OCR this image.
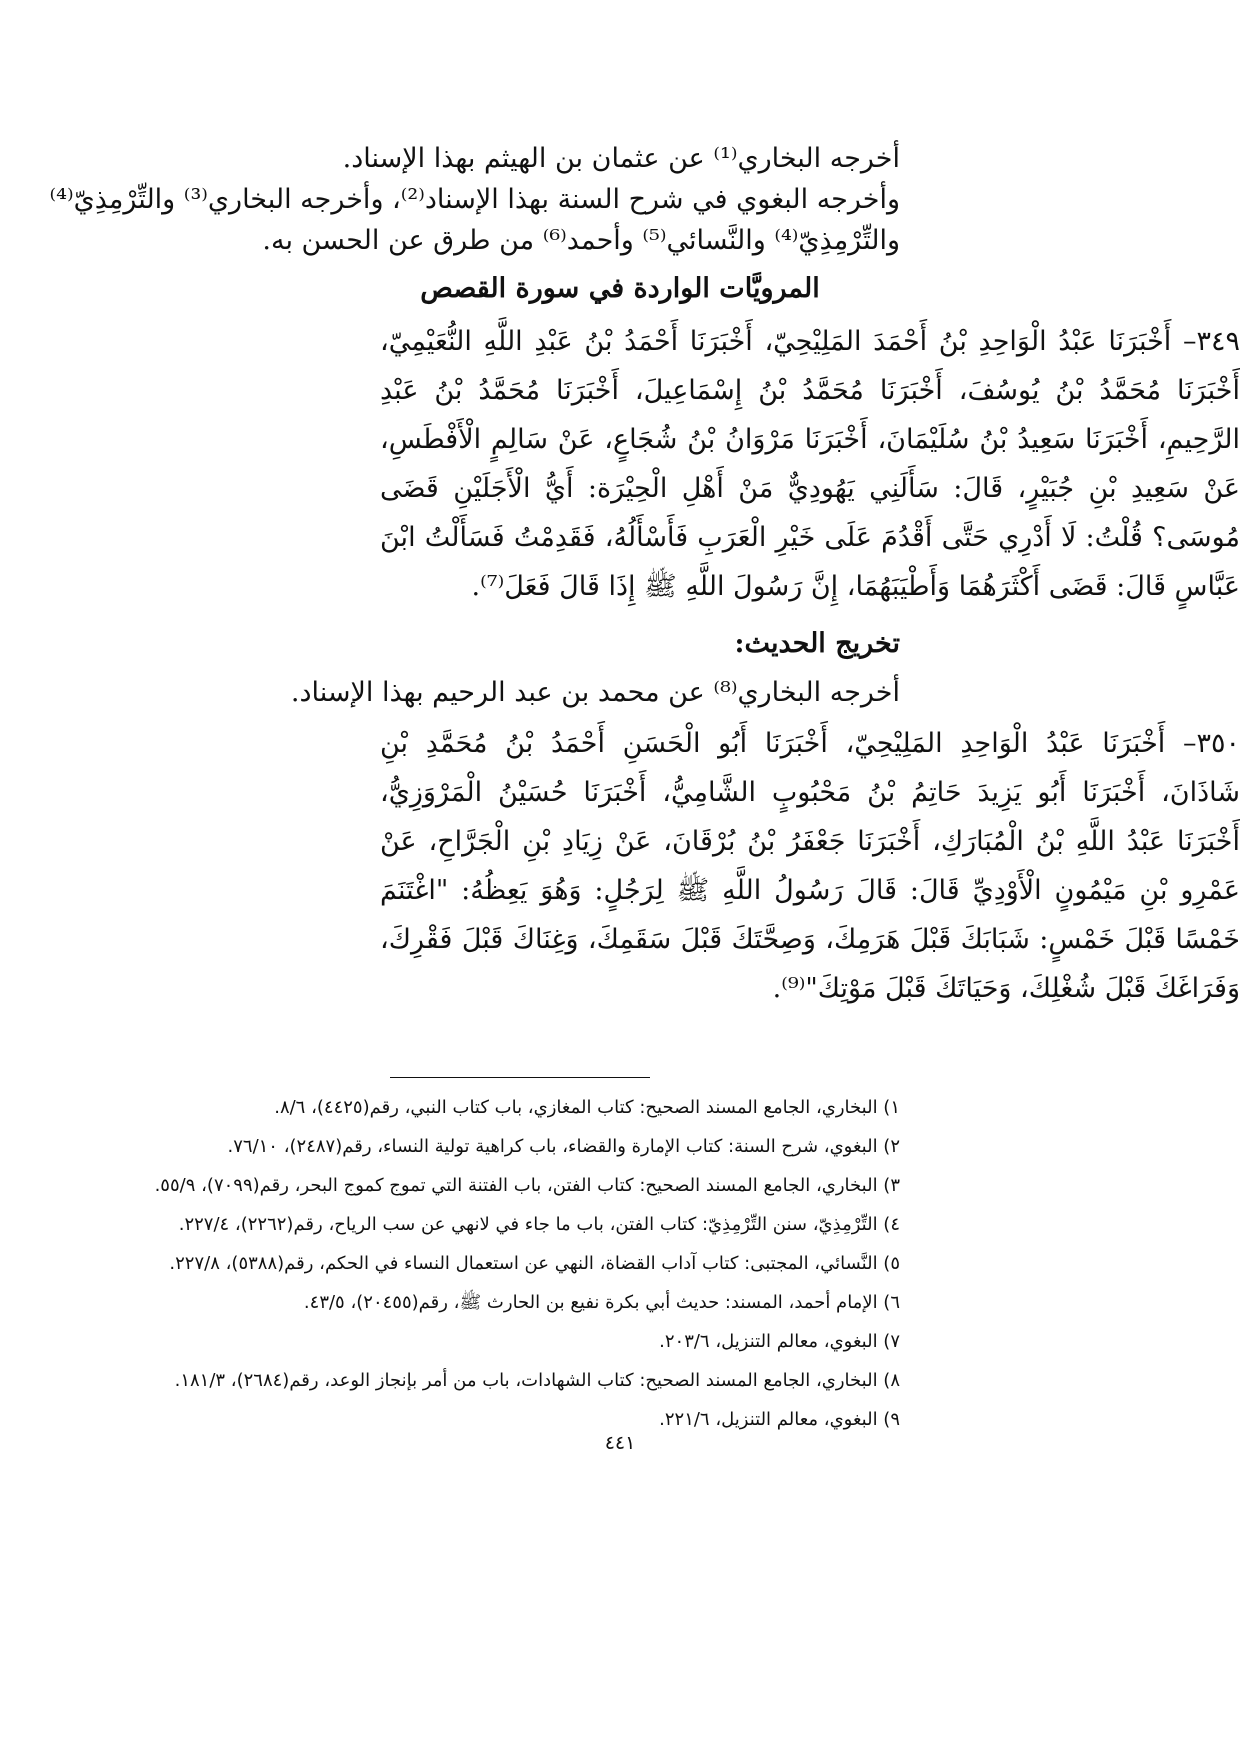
أخرجه البخاري⁽¹⁾ عن عثمان بن الهيثم بهذا الإسناد.
وأخرجه البغوي في شرح السنة بهذا الإسناد⁽²⁾، وأخرجه البخاري⁽³⁾ والتِّرْمِذِيّ⁽⁴⁾
والتِّرْمِذِيّ⁽⁴⁾ والنَّسائي⁽⁵⁾ وأحمد⁽⁶⁾ من طرق عن الحسن به.
المرويَّات الواردة في سورة القصص
٣٤٩– أَخْبَرَنَا عَبْدُ الْوَاحِدِ بْنُ أَحْمَدَ المَلِيْحِيّ، أَخْبَرَنَا أَحْمَدُ بْنُ عَبْدِ اللَّهِ النُّعَيْمِيّ،
أَخْبَرَنَا مُحَمَّدُ بْنُ يُوسُفَ، أَخْبَرَنَا مُحَمَّدُ بْنُ إِسْمَاعِيلَ، أَخْبَرَنَا مُحَمَّدُ بْنُ عَبْدِ
الرَّحِيمِ، أَخْبَرَنَا سَعِيدُ بْنُ سُلَيْمَانَ، أَخْبَرَنَا مَرْوَانُ بْنُ شُجَاعٍ، عَنْ سَالِمٍ الْأَفْطَسِ،
عَنْ سَعِيدِ بْنِ جُبَيْرٍ، قَالَ: سَأَلَنِي يَهُودِيٌّ مَنْ أَهْلِ الْحِيْرَة: أَيُّ الْأَجَلَيْنِ قَضَى
مُوسَى؟ قُلْتُ: لَا أَدْرِي حَتَّى أَقْدُمَ عَلَى خَيْرِ الْعَرَبِ فَأَسْأَلُهُ، فَقَدِمْتُ فَسَأَلْتُ ابْنَ
عَبَّاسٍ قَالَ: قَضَى أَكْثَرَهُمَا وَأَطْيَبَهُمَا، إِنَّ رَسُولَ اللَّهِ ﷺ إِذَا قَالَ فَعَلَ⁽⁷⁾.
تخريج الحديث:
أخرجه البخاري⁽⁸⁾ عن محمد بن عبد الرحيم بهذا الإسناد.
٣٥٠– أَخْبَرَنَا عَبْدُ الْوَاحِدِ المَلِيْحِيّ، أَخْبَرَنَا أَبُو الْحَسَنِ أَحْمَدُ بْنُ مُحَمَّدِ بْنِ
شَاذَانَ، أَخْبَرَنَا أَبُو يَزِيدَ حَاتِمُ بْنُ مَحْبُوبٍ الشَّامِيُّ، أَخْبَرَنَا حُسَيْنُ الْمَرْوَزِيُّ،
أَخْبَرَنَا عَبْدُ اللَّهِ بْنُ الْمُبَارَكِ، أَخْبَرَنَا جَعْفَرُ بْنُ بُرْقَانَ، عَنْ زِيَادِ بْنِ الْجَرَّاحِ، عَنْ
عَمْرِو بْنِ مَيْمُونٍ الْأَوْدِيِّ قَالَ: قَالَ رَسُولُ اللَّهِ ﷺ لِرَجُلٍ: وَهُوَ يَعِظُهُ: "اغْتَنَمَ
خَمْسًا قَبْلَ خَمْسٍ: شَبَابَكَ قَبْلَ هَرَمِكَ، وَصِحَّتَكَ قَبْلَ سَقَمِكَ، وَغِنَاكَ قَبْلَ فَقْرِكَ،
وَفَرَاغَكَ قَبْلَ شُغْلِكَ، وَحَيَاتَكَ قَبْلَ مَوْتِكَ"⁽⁹⁾.
١) البخاري، الجامع المسند الصحيح: كتاب المغازي، باب كتاب النبي، رقم(٤٤٢٥)، ٨/٦.
٢) البغوي، شرح السنة: كتاب الإمارة والقضاء، باب كراهية تولية النساء، رقم(٢٤٨٧)، ٧٦/١٠.
٣) البخاري، الجامع المسند الصحيح: كتاب الفتن، باب الفتنة التي تموج كموج البحر، رقم(٧٠٩٩)، ٥٥/٩.
٤) التِّرْمِذِيّ، سنن التِّرْمِذِيّ: كتاب الفتن، باب ما جاء في لانهي عن سب الرياح، رقم(٢٢٦٢)، ٢٢٧/٤.
٥) النَّسائي، المجتبى: كتاب آداب القضاة، النهي عن استعمال النساء في الحكم، رقم(٥٣٨٨)، ٢٢٧/٨.
٦) الإمام أحمد، المسند: حديث أبي بكرة نفيع بن الحارث ﷺ، رقم(٢٠٤٥٥)، ٤٣/٥.
٧) البغوي، معالم التنزيل، ٢٠٣/٦.
٨) البخاري، الجامع المسند الصحيح: كتاب الشهادات، باب من أمر بإنجاز الوعد، رقم(٢٦٨٤)، ١٨١/٣.
٩) البغوي، معالم التنزيل، ٢٢١/٦.
٤٤١
